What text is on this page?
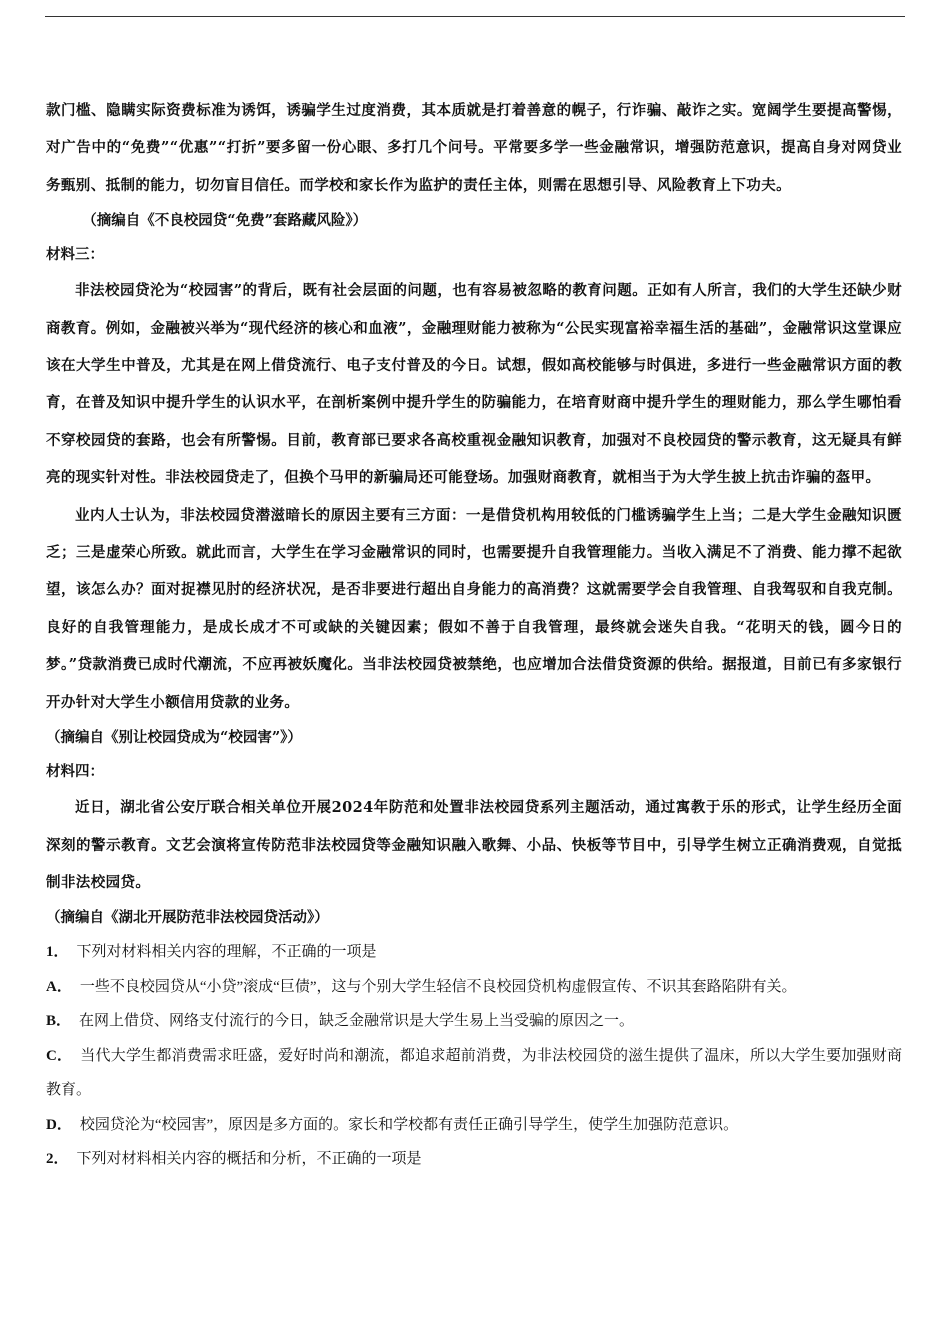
款门槛、隐瞒实际资费标准为诱饵，诱骗学生过度消费，其本质就是打着善意的幌子，行诈骗、敲诈之实。宽阔学生要提高警惕，对广告中的“免费”“优惠”“打折”要多留一份心眼、多打几个问号。平常要多学一些金融常识，增强防范意识，提高自身对网贷业务甄别、抵制的能力，切勿盲目信任。而学校和家长作为监护的责任主体，则需在思想引导、风险教育上下功夫。

（摘编自《不良校园贷“免费”套路藏风险》）

材料三：

非法校园贷沦为“校园害”的背后，既有社会层面的问题，也有容易被忽略的教育问题。正如有人所言，我们的大学生还缺少财商教育。例如，金融被兴举为“现代经济的核心和血液”，金融理财能力被称为“公民实现富裕幸福生活的基础”，金融常识这堂课应该在大学生中普及，尤其是在网上借贷流行、电子支付普及的今日。试想，假如高校能够与时俱进，多进行一些金融常识方面的教育，在普及知识中提升学生的认识水平，在剖析案例中提升学生的防骗能力，在培育财商中提升学生的理财能力，那么学生哪怕看不穿校园贷的套路，也会有所警惕。目前，教育部已要求各高校重视金融知识教育，加强对不良校园贷的警示教育，这无疑具有鲜亮的现实针对性。非法校园贷走了，但换个马甲的新骗局还可能登场。加强财商教育，就相当于为大学生披上抗击诈骗的盔甲。

业内人士认为，非法校园贷潜滋暗长的原因主要有三方面：一是借贷机构用较低的门槛诱骗学生上当；二是大学生金融知识匮乏；三是虚荣心所致。就此而言，大学生在学习金融常识的同时，也需要提升自我管理能力。当收入满足不了消费、能力撑不起欲望，该怎么办？面对捉襟见肘的经济状况，是否非要进行超出自身能力的高消费？这就需要学会自我管理、自我驾驭和自我克制。良好的自我管理能力，是成长成才不可或缺的关键因素；假如不善于自我管理，最终就会迷失自我。“花明天的钱，圆今日的梦。”贷款消费已成时代潮流，不应再被妖魔化。当非法校园贷被禁绝，也应增加合法借贷资源的供给。据报道，目前已有多家银行开办针对大学生小额信用贷款的业务。

（摘编自《别让校园贷成为“校园害”》）

材料四：

近日，湖北省公安厅联合相关单位开展2024年防范和处置非法校园贷系列主题活动，通过寓教于乐的形式，让学生经历全面深刻的警示教育。文艺会演将宣传防范非法校园贷等金融知识融入歌舞、小品、快板等节目中，引导学生树立正确消费观，自觉抵制非法校园贷。

（摘编自《湖北开展防范非法校园贷活动》）

1． 下列对材料相关内容的理解，不正确的一项是

A． 一些不良校园贷从“小贷”滚成“巨债”，这与个别大学生轻信不良校园贷机构虚假宣传、不识其套路陷阱有关。

B． 在网上借贷、网络支付流行的今日，缺乏金融常识是大学生易上当受骗的原因之一。

C． 当代大学生都消费需求旺盛，爱好时尚和潮流，都追求超前消费，为非法校园贷的滋生提供了温床，所以大学生要加强财商教育。

D． 校园贷沦为“校园害”，原因是多方面的。家长和学校都有责任正确引导学生，使学生加强防范意识。

2． 下列对材料相关内容的概括和分析，不正确的一项是
